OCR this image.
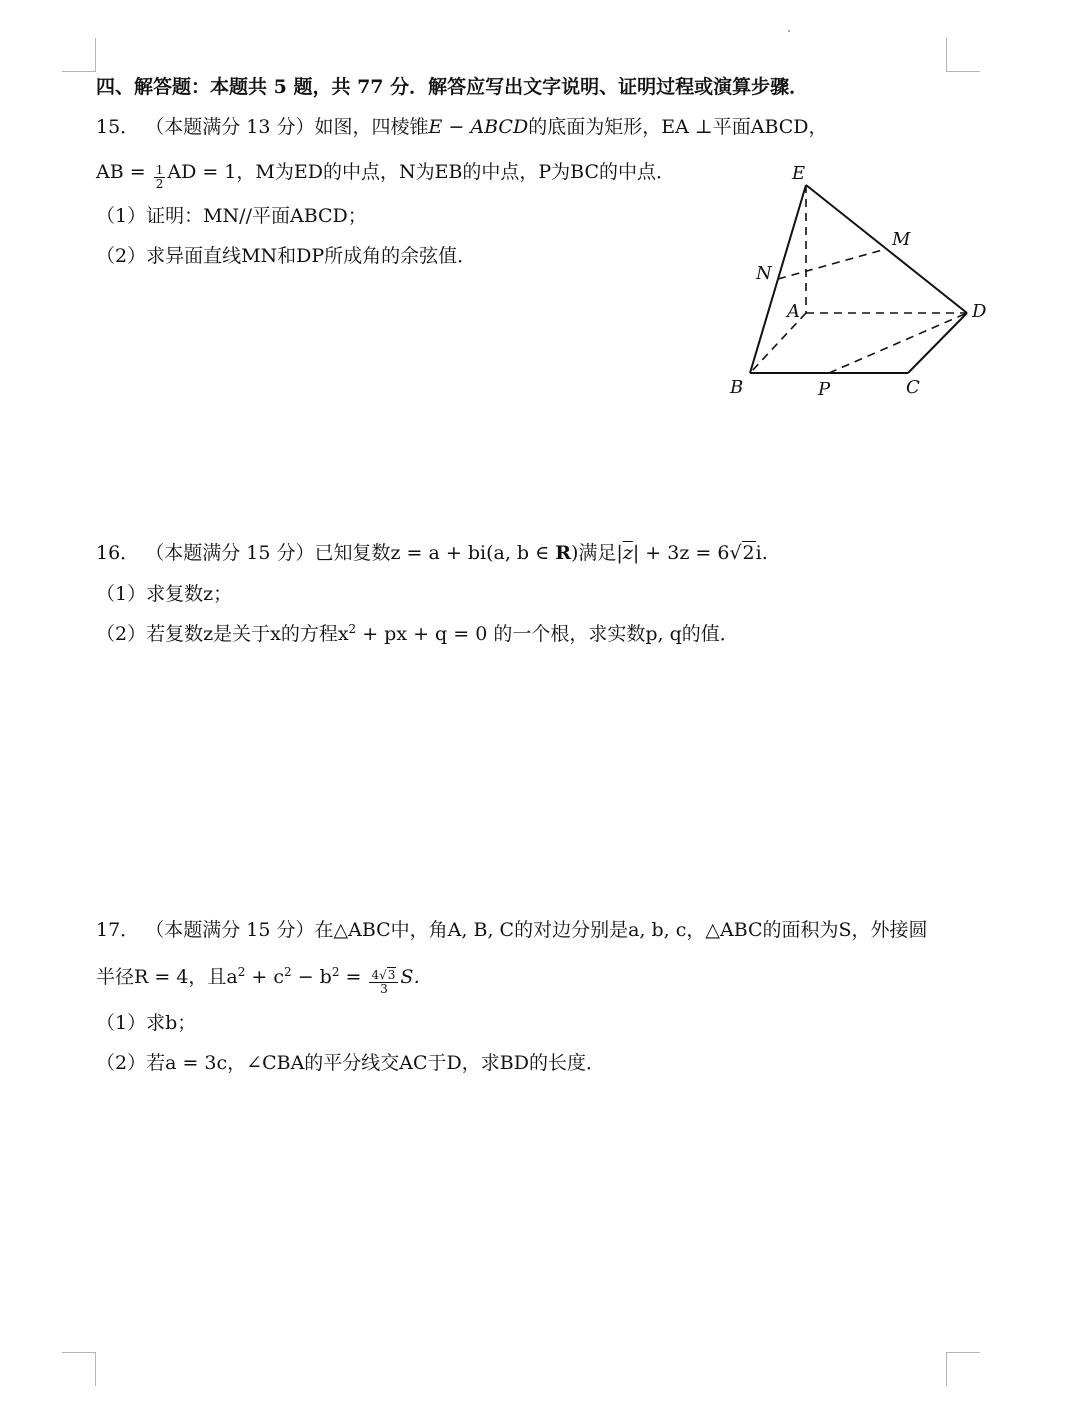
四、解答题：本题共 5 题，共 77 分．解答应写出文字说明、证明过程或演算步骤．
15． （本题满分 13 分）如图，四棱锥E − ABCD的底面为矩形，EA ⊥平面ABCD，
AB = $\frac{1}{2}$ AD = 1，M为ED的中点，N为EB的中点，P为BC的中点．
（1）证明：MN//平面ABCD；
（2）求异面直线MN和DP所成角的余弦值．
E
M
N
A	D
B	P	C
16． （本题满分 15 分）已知复数z = a + bi(a, b ∈ R)满足$|\overline{z}| + 3z = 6√2i$.
（1）求复数z；
（2）若复数z是关于x的方程$x^2$ + px + q = 0 的一个根，求实数p, q的值．
17． （本题满分 15 分）在△ABC中，角A, B, C的对边分别是a, b, c，△ABC的面积为S，外接圆
半径R = 4，且$a^2 + c^2 - b^2 = \frac{4√3}{3}$ S．
（1）求b；
（2）若a = 3c，∠CBA的平分线交AC于D，求BD的长度．
